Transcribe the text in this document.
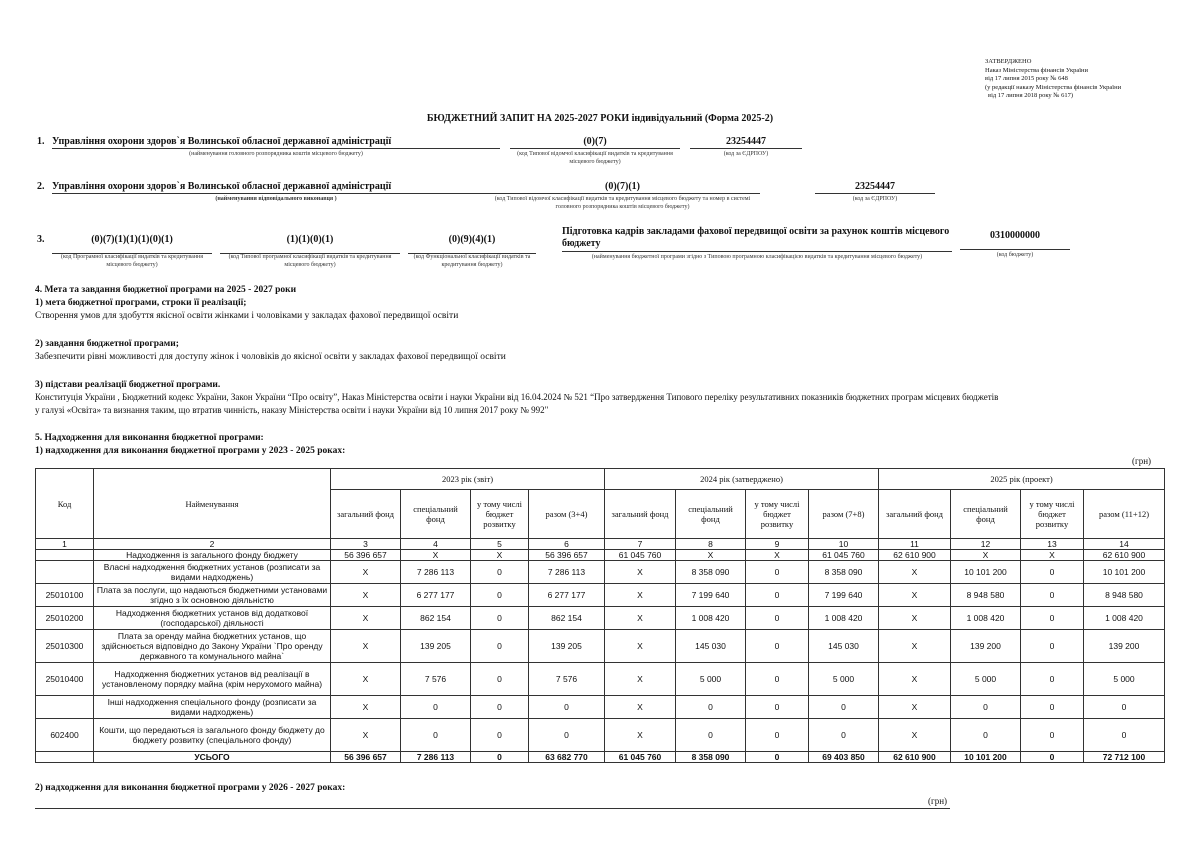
ЗАТВЕРДЖЕНО
Наказ Міністерства фінансів України
від 17 липня 2015 року № 648
(у редакції наказу Міністерства фінансів України
від 17 липня 2018 року № 617)
БЮДЖЕТНИЙ ЗАПИТ НА 2025-2027 РОКИ індивідуальний (Форма 2025-2)
1. Управління охорони здоров`я Волинської обласної державної адміністрації
(найменування головного розпорядника коштів місцевого бюджету)
(0)(7)
(код Типової відомчої класифікації видатків та кредитування місцевого бюджету)
23254447
(код за ЄДРПОУ)
2. Управління охорони здоров`я Волинської обласної державної адміністрації
(найменування відповідального виконавця )
(0)(7)(1)
(код Типової відомчої класифікації видатків та кредитування місцевого бюджету та номер в системі головного розпорядника коштів місцевого бюджету)
23254447
(код за ЄДРПОУ)
3.	(0)(7)(1)(1)(1)(0)(1)
(код Програмної класифікації видатків та кредитування місцевого бюджету)
(1)(1)(0)(1)
(код Типової програмної класифікації видатків та кредитування місцевого бюджету)
(0)(9)(4)(1)
(код Функціональної класифікації видатків та кредитування бюджету)
Підготовка кадрів закладами фахової передвищої освіти за рахунок коштів місцевого бюджету
(найменування бюджетної програми згідно з Типовою програмною класифікацією видатків та кредитування місцевого бюджету)
0310000000
(код бюджету)
4. Мета та завдання бюджетної програми на 2025 - 2027 роки
1) мета бюджетної програми, строки її реалізації;
Створення умов для здобуття якісної освіти жінками і чоловіками у закладах фахової передвищої освіти
2) завдання бюджетної програми;
Забезпечити рівні можливості для доступу жінок і чоловіків до якісної освіти у закладах фахової передвищої освіти
3) підстави реалізації бюджетної програми.
Конституція України , Бюджетний кодекс України, Закон України “Про освіту”, Наказ Міністерства освіти і науки України від 16.04.2024 № 521 “Про затвердження Типового переліку результативних показників бюджетних програм місцевих бюджетів
у галузі «Освіта» та визнання таким, що втратив чинність, наказу Міністерства освіти і науки України від 10 липня 2017 року № 992"
5. Надходження для виконання бюджетної програми:
1) надходження для виконання бюджетної програми у 2023 - 2025 роках:
(грн)
Код	Найменування	2023 рік (звіт)				2024 рік (затверджено)				2025 рік (проект)			
		загальний фонд	спеціальний фонд	у тому числі бюджет розвитку	разом (3+4)	загальний фонд	спеціальний фонд	у тому числі бюджет розвитку	разом (7+8)	загальний фонд	спеціальний фонд	у тому числі бюджет розвитку	разом (11+12)
1	2	3	4	5	6	7	8	9	10	11	12	13	14
	Надходження із загального фонду бюджету	56 396 657	X	X	56 396 657	61 045 760	X	X	61 045 760	62 610 900	X	X	62 610 900
	Власні надходження бюджетних установ (розписати за видами надходжень)	X	7 286 113	0	7 286 113	X	8 358 090	0	8 358 090	X	10 101 200	0	10 101 200
25010100	Плата за послуги, що надаються бюджетними установами згідно з їх основною діяльністю	X	6 277 177	0	6 277 177	X	7 199 640	0	7 199 640	X	8 948 580	0	8 948 580
25010200	Надходження бюджетних установ від додаткової (господарської) діяльності	X	862 154	0	862 154	X	1 008 420	0	1 008 420	X	1 008 420	0	1 008 420
25010300	Плата за оренду майна бюджетних установ, що здійснюється відповідно до Закону України `Про оренду державного та комунального майна`	X	139 205	0	139 205	X	145 030	0	145 030	X	139 200	0	139 200
25010400	Надходження бюджетних установ від реалізації в установленому порядку майна (крім нерухомого майна)	X	7 576	0	7 576	X	5 000	0	5 000	X	5 000	0	5 000
	Інші надходження спеціального фонду (розписати за видами надходжень)	X	0	0	0	X	0	0	0	X	0	0	0
602400	Кошти, що передаються із загального фонду бюджету до бюджету розвитку (спеціального фонду)	X	0	0	0	X	0	0	0	X	0	0	0
	УСЬОГО	56 396 657	7 286 113	0	63 682 770	61 045 760	8 358 090	0	69 403 850	62 610 900	10 101 200	0	72 712 100
2) надходження для виконання бюджетної програми у 2026 - 2027 роках:
(грн)
